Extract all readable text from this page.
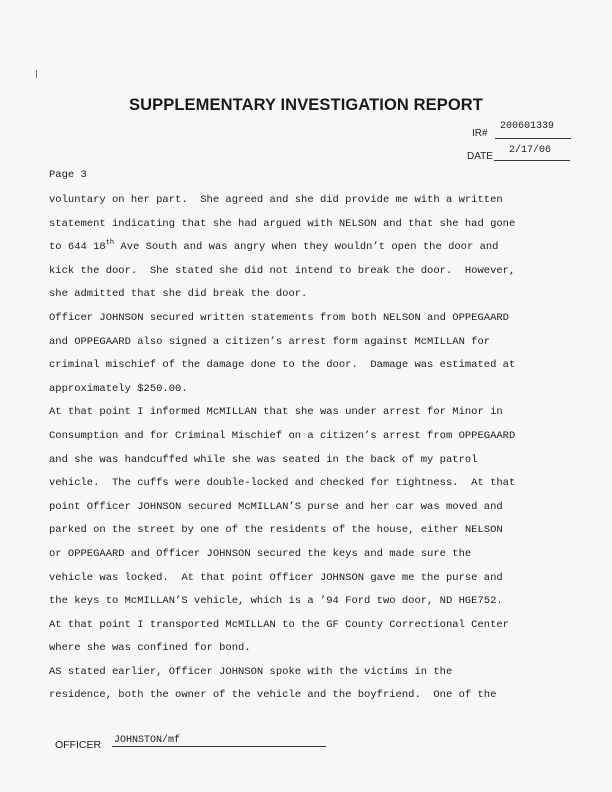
SUPPLEMENTARY INVESTIGATION REPORT
IR#
200601339
DATE
2/17/06
Page 3
voluntary on her part.  She agreed and she did provide me with a written
statement indicating that she had argued with NELSON and that she had gone
to 644 18th Ave South and was angry when they wouldn’t open the door and
kick the door.  She stated she did not intend to break the door.  However,
she admitted that she did break the door.
Officer JOHNSON secured written statements from both NELSON and OPPEGAARD
and OPPEGAARD also signed a citizen’s arrest form against McMILLAN for
criminal mischief of the damage done to the door.  Damage was estimated at
approximately $250.00.
At that point I informed McMILLAN that she was under arrest for Minor in
Consumption and for Criminal Mischief on a citizen’s arrest from OPPEGAARD
and she was handcuffed while she was seated in the back of my patrol
vehicle.  The cuffs were double-locked and checked for tightness.  At that
point Officer JOHNSON secured McMILLAN’S purse and her car was moved and
parked on the street by one of the residents of the house, either NELSON
or OPPEGAARD and Officer JOHNSON secured the keys and made sure the
vehicle was locked.  At that point Officer JOHNSON gave me the purse and
the keys to McMILLAN’S vehicle, which is a ’94 Ford two door, ND HGE752.
At that point I transported McMILLAN to the GF County Correctional Center
where she was confined for bond.
AS stated earlier, Officer JOHNSON spoke with the victims in the
residence, both the owner of the vehicle and the boyfriend.  One of the
OFFICER JOHNSTON/mf
